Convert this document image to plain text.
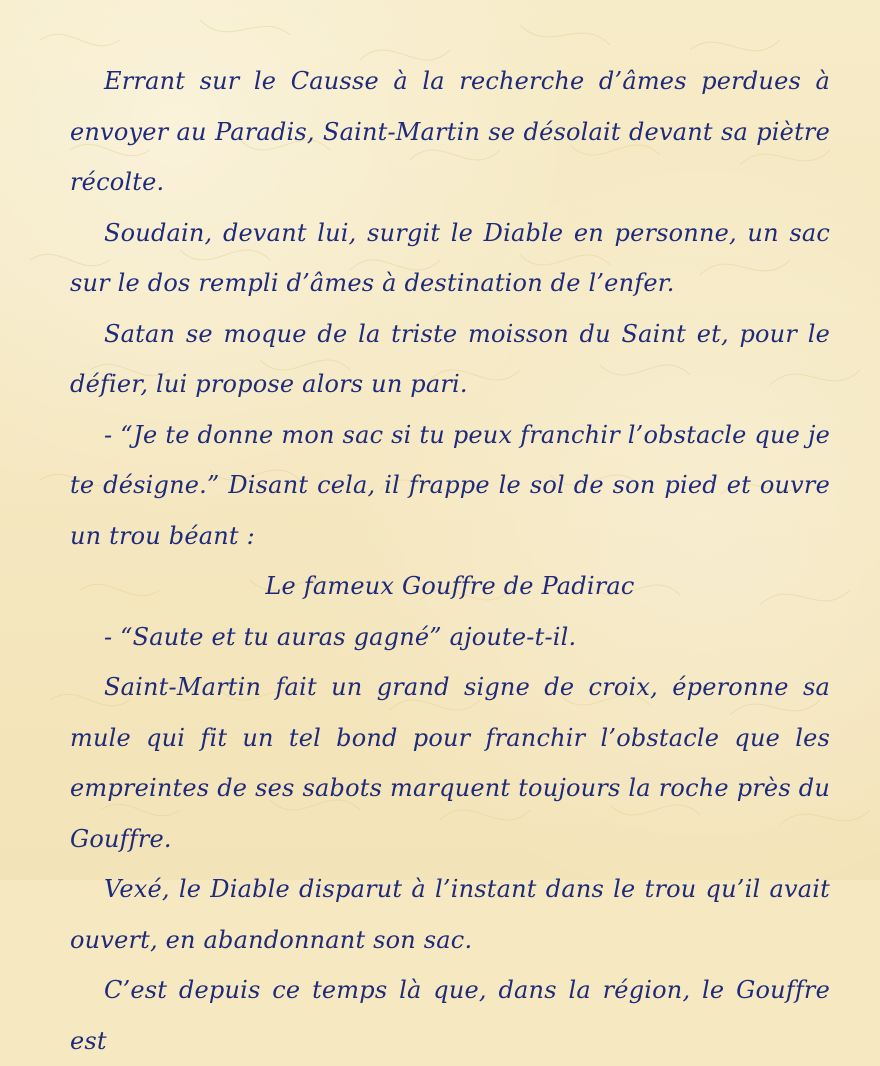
Errant sur le Causse à la recherche d’âmes perdues à envoyer au Paradis, Saint-Martin se désolait devant sa piètre récolte.

Soudain, devant lui, surgit le Diable en personne, un sac sur le dos rempli d’âmes à destination de l’enfer.

Satan se moque de la triste moisson du Saint et, pour le défier, lui propose alors un pari.

- “Je te donne mon sac si tu peux franchir l’obstacle que je te désigne.” Disant cela, il frappe le sol de son pied et ouvre un trou béant :

Le fameux Gouffre de Padirac

- “Saute et tu auras gagné” ajoute-t-il.

Saint-Martin fait un grand signe de croix, éperonne sa mule qui fit un tel bond pour franchir l’obstacle que les empreintes de ses sabots marquent toujours la roche près du Gouffre.

Vexé, le Diable disparut à l’instant dans le trou qu’il avait ouvert, en abandonnant son sac.

C’est depuis ce temps là que, dans la région, le Gouffre est
